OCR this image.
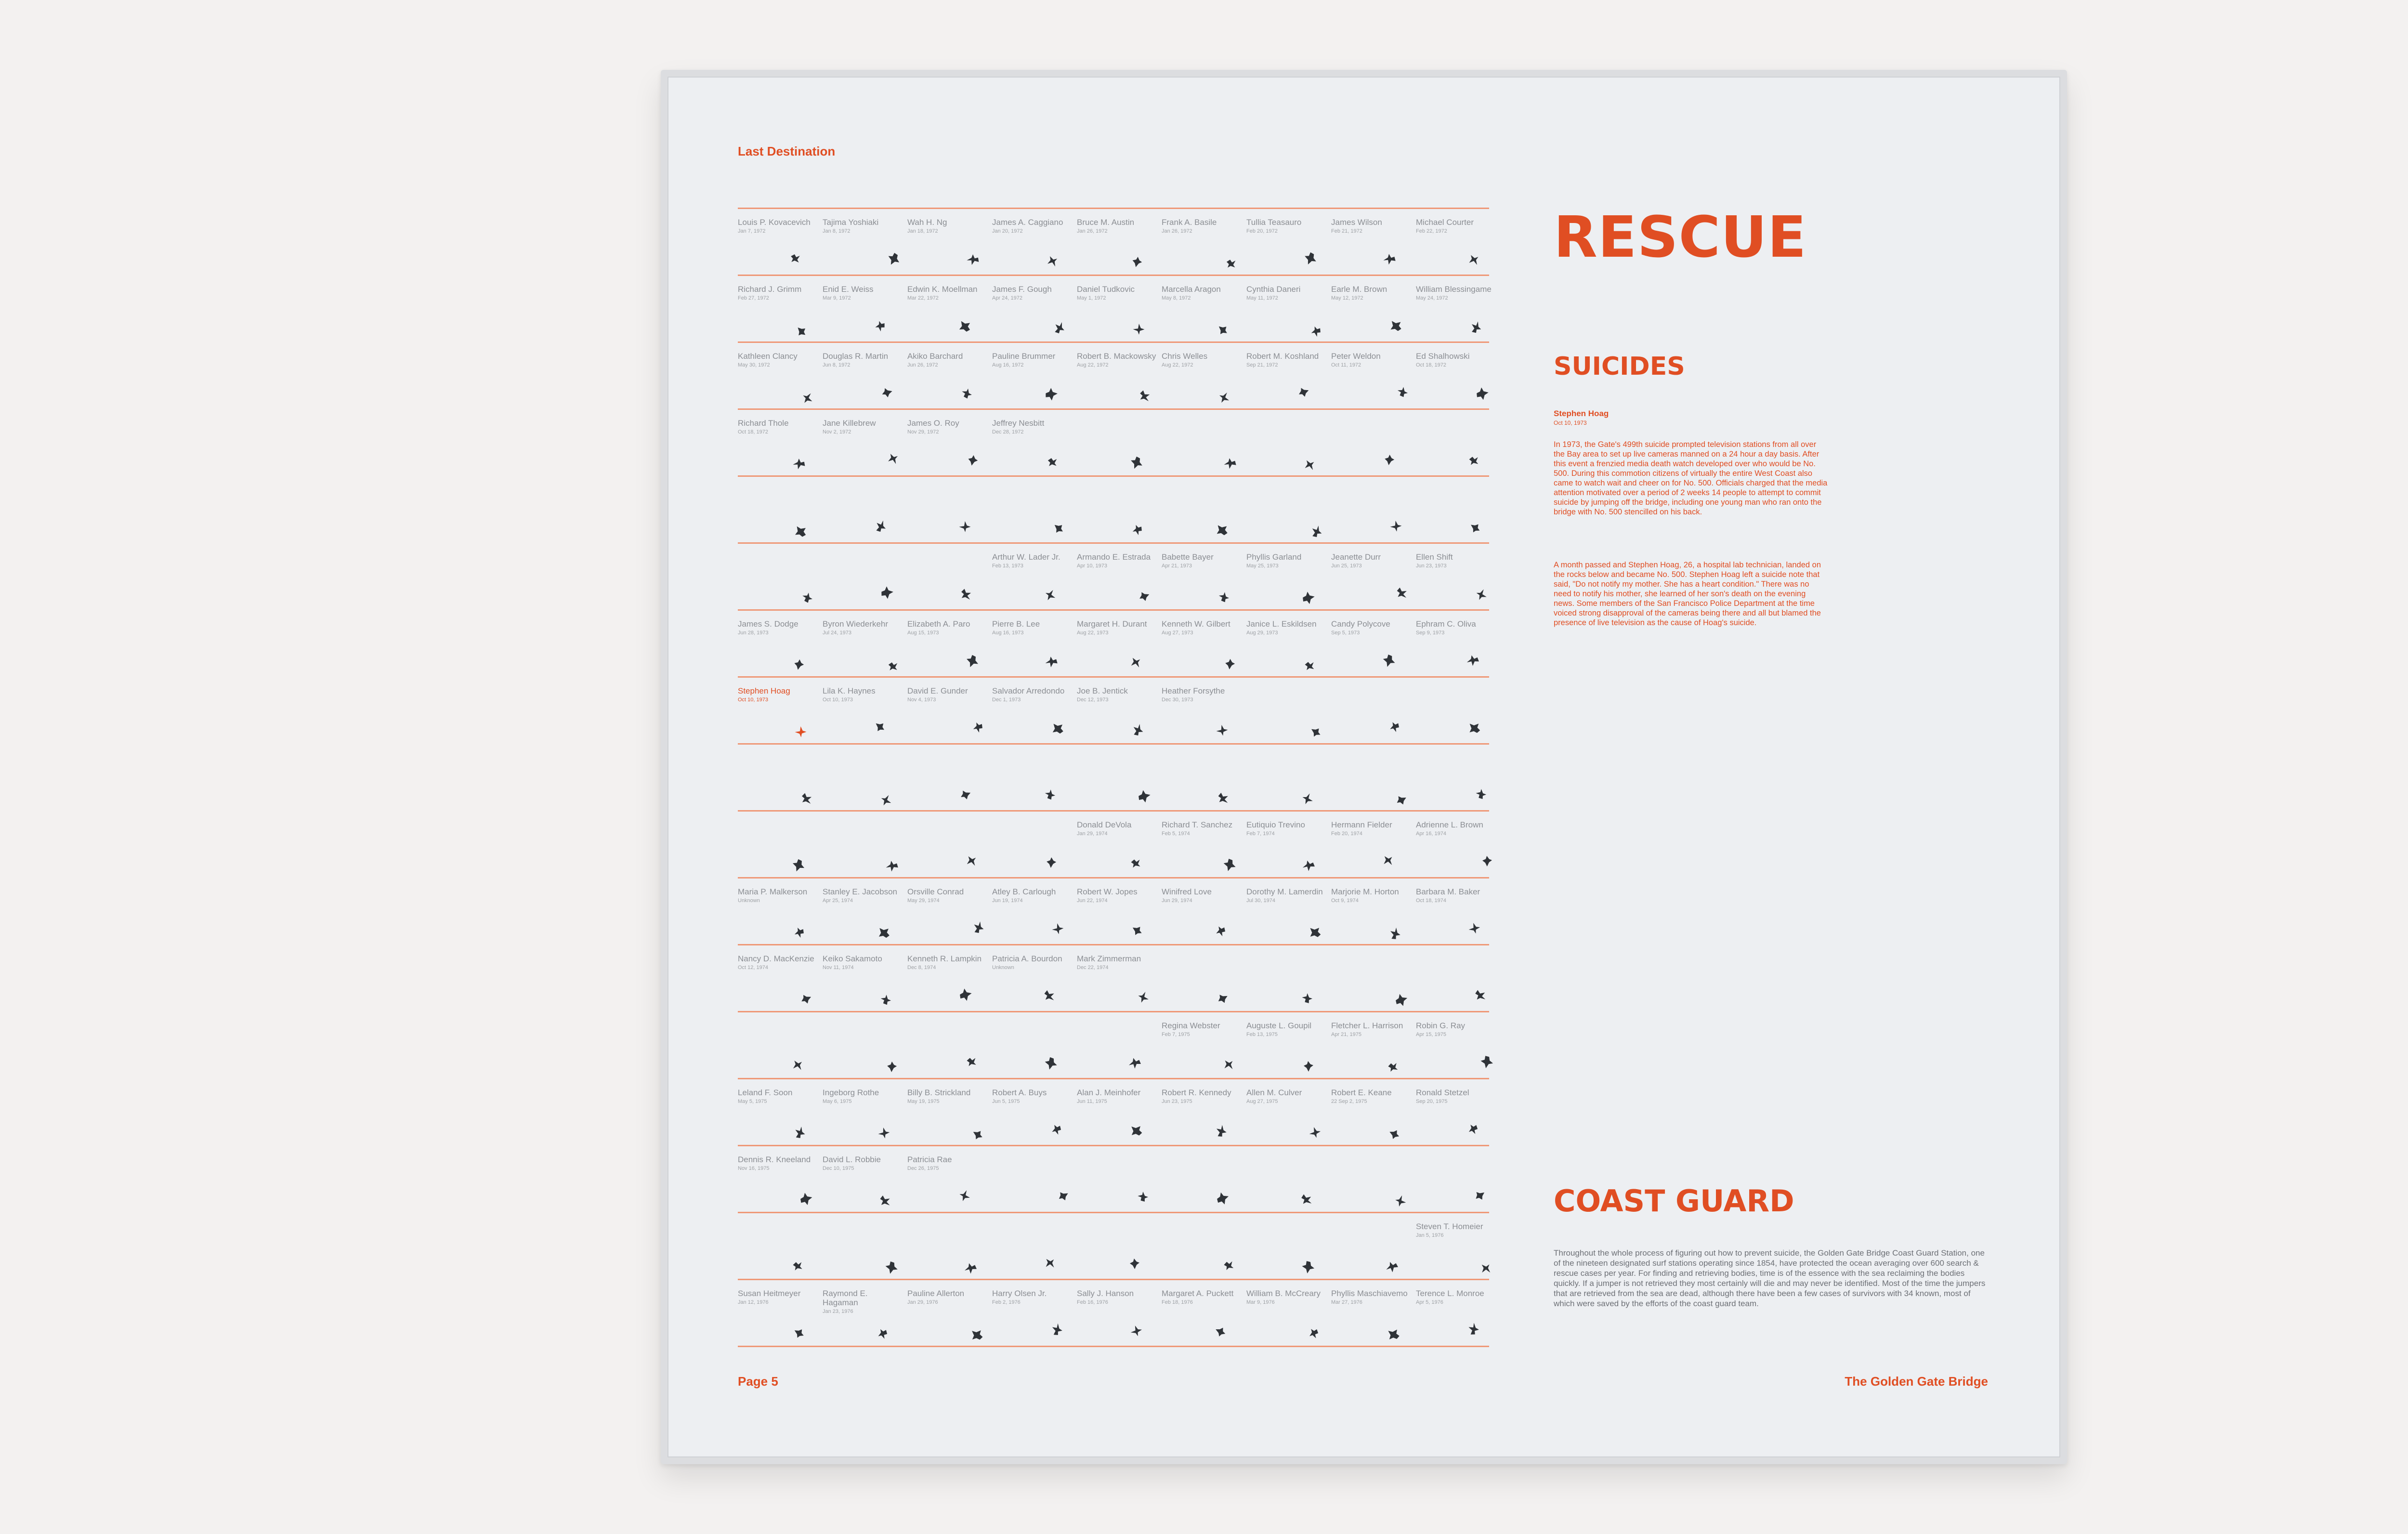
Last Destination
Louis P. Kovacevich
Jan 7, 1972
Tajima Yoshiaki
Jan 8, 1972
Wah H. Ng
Jan 18, 1972
James A. Caggiano
Jan 20, 1972
Bruce M. Austin
Jan 26, 1972
Frank A. Basile
Jan 26, 1972
Tullia Teasauro
Feb 20, 1972
James Wilson
Feb 21, 1972
Michael Courter
Feb 22, 1972
Richard J. Grimm
Feb 27, 1972
Enid E. Weiss
Mar 9, 1972
Edwin K. Moellman
Mar 22, 1972
James F. Gough
Apr 24, 1972
Daniel Tudkovic
May 1, 1972
Marcella Aragon
May 8, 1972
Cynthia Daneri
May 11, 1972
Earle M. Brown
May 12, 1972
William Blessingame
May 24, 1972
Kathleen Clancy
May 30, 1972
Douglas R. Martin
Jun 8, 1972
Akiko Barchard
Jun 26, 1972
Pauline Brummer
Aug 16, 1972
Robert B. Mackowsky
Aug 22, 1972
Chris Welles
Aug 22, 1972
Robert M. Koshland
Sep 21, 1972
Peter Weldon
Oct 11, 1972
Ed Shalhowski
Oct 18, 1972
Richard Thole
Oct 18, 1972
Jane Killebrew
Nov 2, 1972
James O. Roy
Nov 29, 1972
Jeffrey Nesbitt
Dec 28, 1972
Arthur W. Lader Jr.
Feb 13, 1973
Armando E. Estrada
Apr 10, 1973
Babette Bayer
Apr 21, 1973
Phyllis Garland
May 25, 1973
Jeanette Durr
Jun 25, 1973
Ellen Shift
Jun 23, 1973
James S. Dodge
Jun 28, 1973
Byron Wiederkehr
Jul 24, 1973
Elizabeth A. Paro
Aug 15, 1973
Pierre B. Lee
Aug 16, 1973
Margaret H. Durant
Aug 22, 1973
Kenneth W. Gilbert
Aug 27, 1973
Janice L. Eskildsen
Aug 29, 1973
Candy Polycove
Sep 5, 1973
Ephram C. Oliva
Sep 9, 1973
Stephen Hoag
Oct 10, 1973
Lila K. Haynes
Oct 10, 1973
David E. Gunder
Nov 4, 1973
Salvador Arredondo
Dec 1, 1973
Joe B. Jentick
Dec 12, 1973
Heather Forsythe
Dec 30, 1973
Donald DeVola
Jan 29, 1974
Richard T. Sanchez
Feb 5, 1974
Eutiquio Trevino
Feb 7, 1974
Hermann Fielder
Feb 20, 1974
Adrienne L. Brown
Apr 16, 1974
Maria P. Malkerson
Unknown
Stanley E. Jacobson
Apr 25, 1974
Orsville Conrad
May 29, 1974
Atley B. Carlough
Jun 19, 1974
Robert W. Jopes
Jun 22, 1974
Winifred Love
Jun 29, 1974
Dorothy M. Lamerdin
Jul 30, 1974
Marjorie M. Horton
Oct 9, 1974
Barbara M. Baker
Oct 18, 1974
Nancy D. MacKenzie
Oct 12, 1974
Keiko Sakamoto
Nov 11, 1974
Kenneth R. Lampkin
Dec 8, 1974
Patricia A. Bourdon
Unknown
Mark Zimmerman
Dec 22, 1974
Regina Webster
Feb 7, 1975
Auguste L. Goupil
Feb 13, 1975
Fletcher L. Harrison
Apr 21, 1975
Robin G. Ray
Apr 15, 1975
Leland F. Soon
May 5, 1975
Ingeborg Rothe
May 6, 1975
Billy B. Strickland
May 19, 1975
Robert A. Buys
Jun 5, 1975
Alan J. Meinhofer
Jun 11, 1975
Robert R. Kennedy
Jun 23, 1975
Allen M. Culver
Aug 27, 1975
Robert E. Keane
22 Sep 2, 1975
Ronald Stetzel
Sep 20, 1975
Dennis R. Kneeland
Nov 16, 1975
David L. Robbie
Dec 10, 1975
Patricia Rae
Dec 26, 1975
Steven T. Homeier
Jan 5, 1976
Susan Heitmeyer
Jan 12, 1976
Raymond E. Hagaman
Jan 23, 1976
Pauline Allerton
Jan 29, 1976
Harry Olsen Jr.
Feb 2, 1976
Sally J. Hanson
Feb 16, 1976
Margaret A. Puckett
Feb 18, 1976
William B. McCreary
Mar 9, 1976
Phyllis Maschiavemo
Mar 27, 1976
Terence L. Monroe
Apr 5, 1976
RESCUE
SUICIDES
Stephen Hoag
Oct 10, 1973
In 1973, the Gate's 499th suicide prompted television stations from all over the Bay area to set up live cameras manned on a 24 hour a day basis. After this event a frenzied media death watch developed over who would be No. 500. During this commotion citizens of virtually the entire West Coast also came to watch wait and cheer on for No. 500. Officials charged that the media attention motivated over a period of 2 weeks 14 people to attempt to commit suicide by jumping off the bridge, including one young man who ran onto the bridge with No. 500 stencilled on his back.
A month passed and Stephen Hoag, 26, a hospital lab technician, landed on the rocks below and became No. 500. Stephen Hoag left a suicide note that said, "Do not notify my mother. She has a heart condition." There was no need to notify his mother, she learned of her son's death on the evening news. Some members of the San Francisco Police Department at the time voiced strong disapproval of the cameras being there and all but blamed the presence of live television as the cause of Hoag's suicide.
COAST GUARD
Throughout the whole process of figuring out how to prevent suicide, the Golden Gate Bridge Coast Guard Station, one of the nineteen designated surf stations operating since 1854, have protected the ocean averaging over 600 search & rescue cases per year. For finding and retrieving bodies, time is of the essence with the sea reclaiming the bodies quickly. If a jumper is not retrieved they most certainly will die and may never be identified. Most of the time the jumpers that are retrieved from the sea are dead, although there have been a few cases of survivors with 34 known, most of which were saved by the efforts of the coast guard team.
Page 5	The Golden Gate Bridge
